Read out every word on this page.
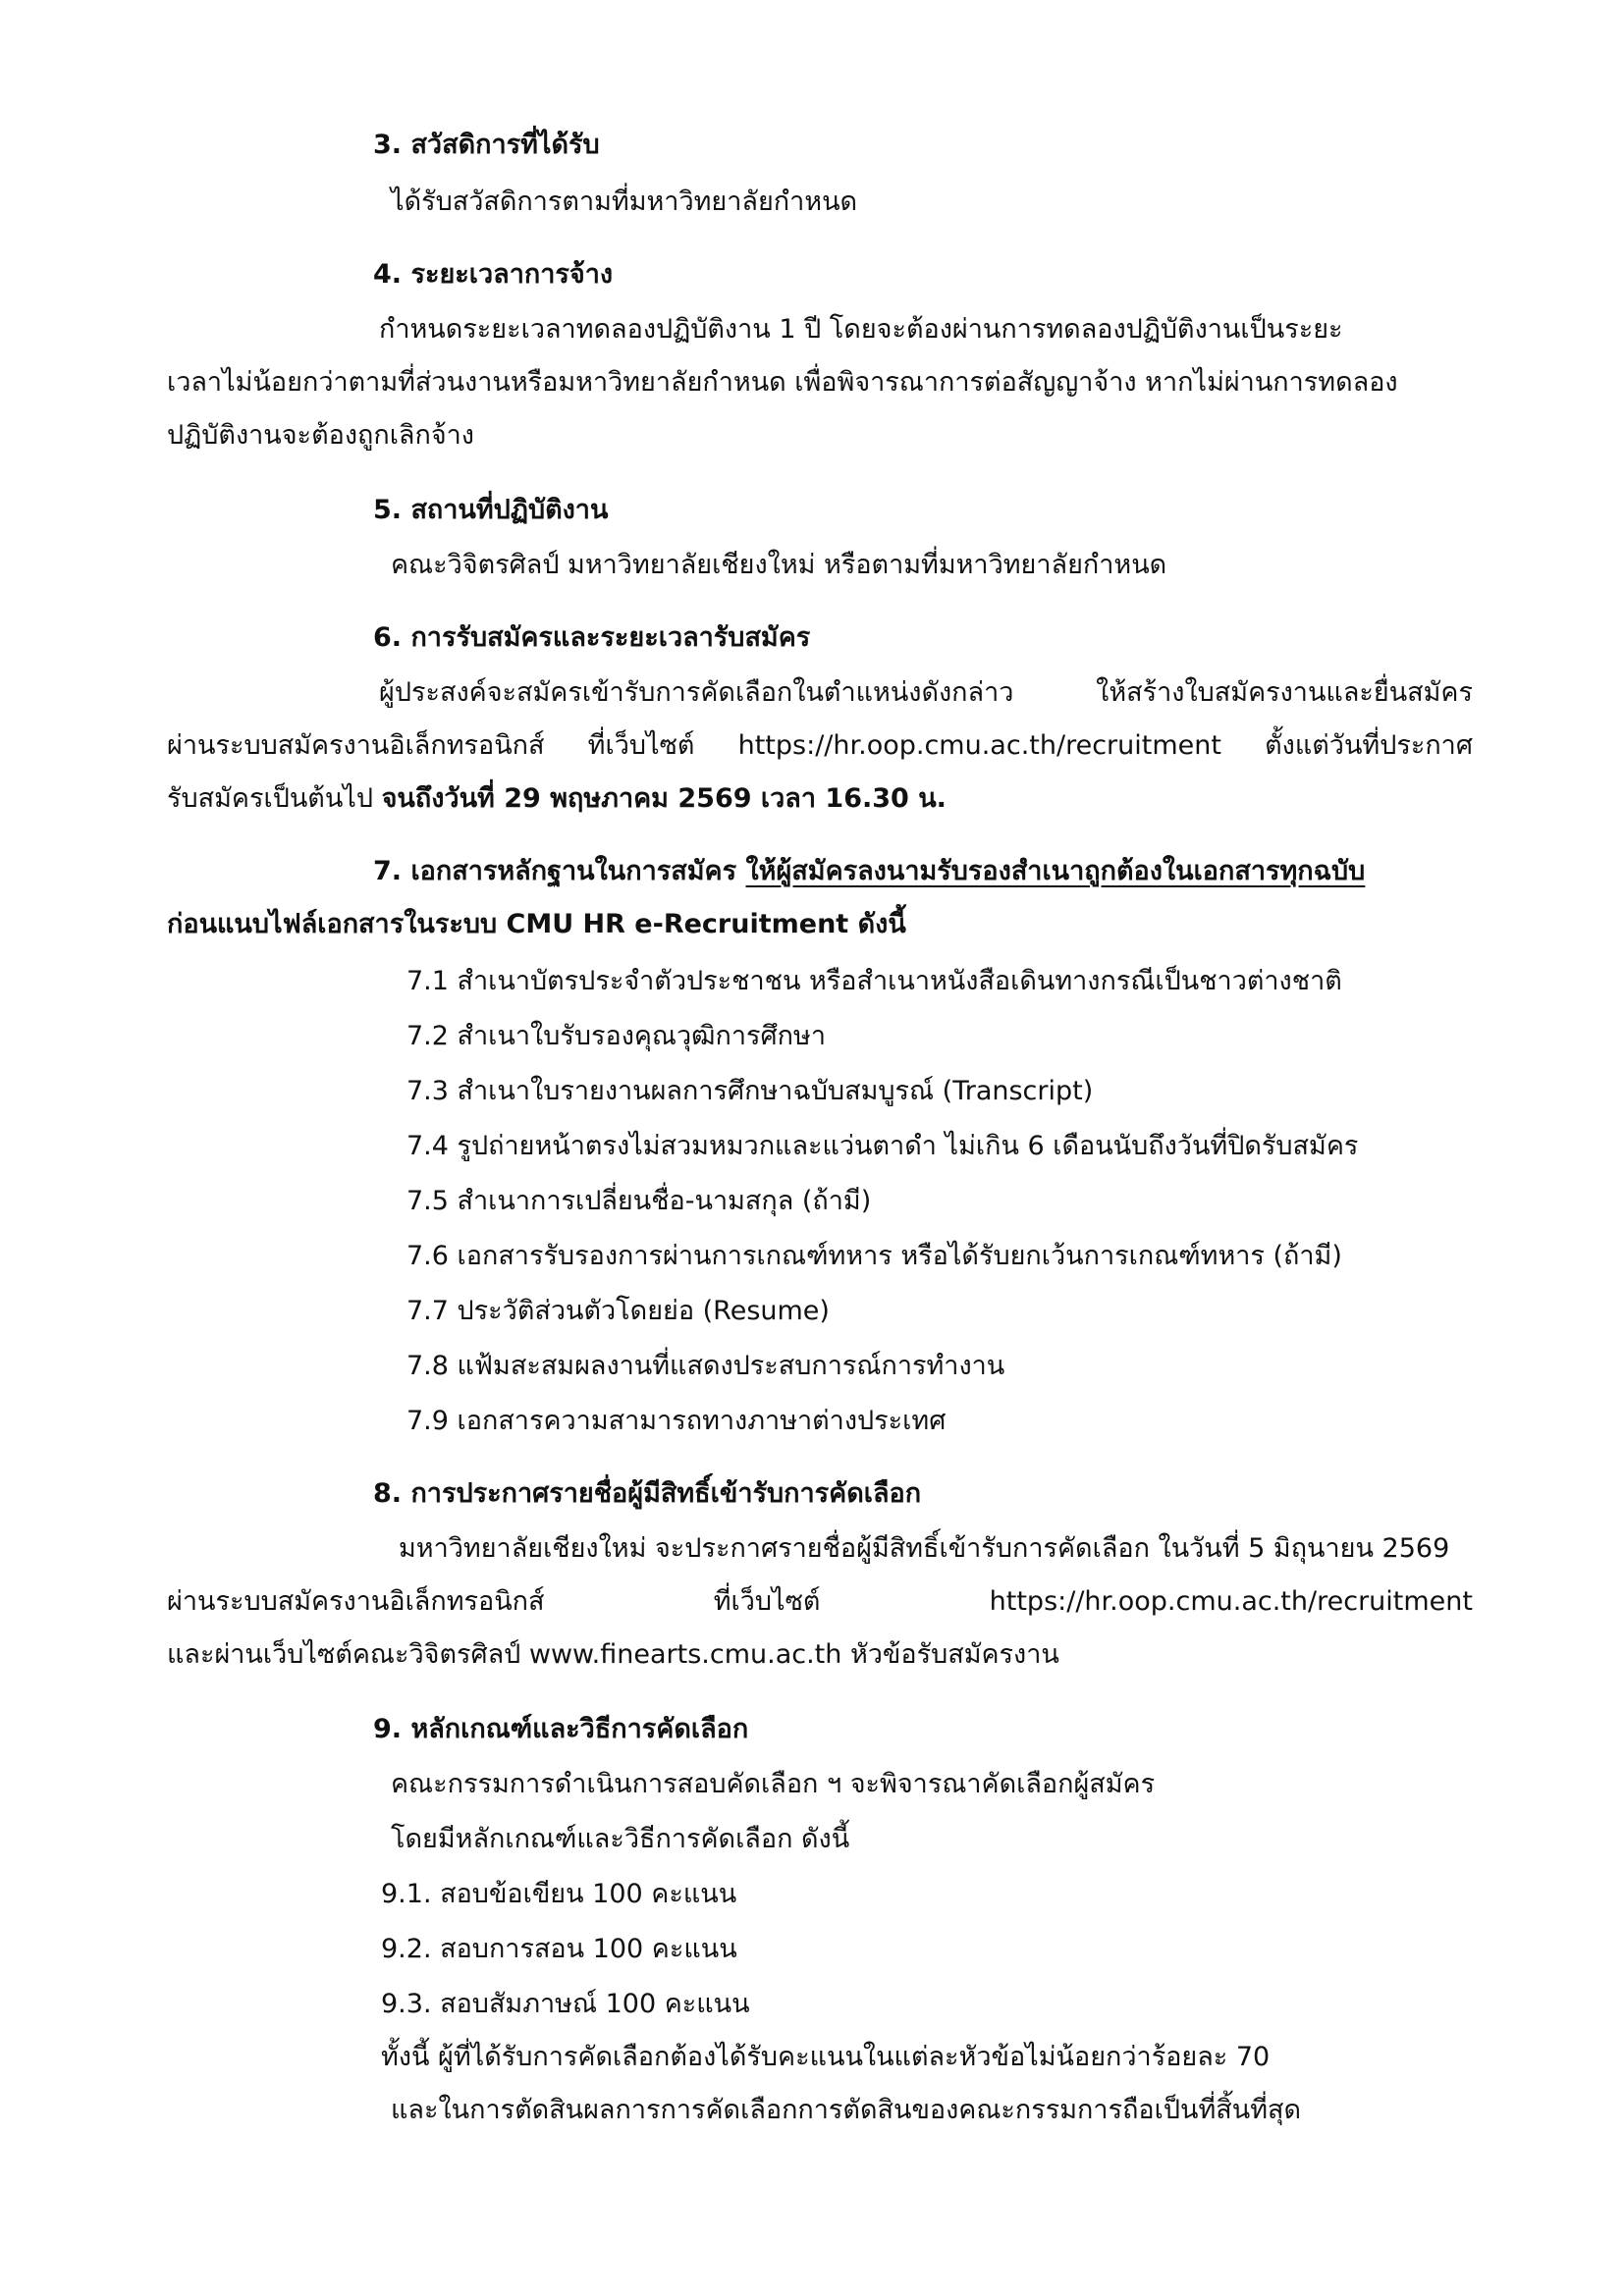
3. สวัสดิการที่ได้รับ
ได้รับสวัสดิการตามที่มหาวิทยาลัยกำหนด
4. ระยะเวลาการจ้าง
กำหนดระยะเวลาทดลองปฏิบัติงาน 1 ปี โดยจะต้องผ่านการทดลองปฏิบัติงานเป็นระยะ
เวลาไม่น้อยกว่าตามที่ส่วนงานหรือมหาวิทยาลัยกำหนด เพื่อพิจารณาการต่อสัญญาจ้าง หากไม่ผ่านการทดลอง
ปฏิบัติงานจะต้องถูกเลิกจ้าง
5. สถานที่ปฏิบัติงาน
คณะวิจิตรศิลป์ มหาวิทยาลัยเชียงใหม่ หรือตามที่มหาวิทยาลัยกำหนด
6. การรับสมัครและระยะเวลารับสมัคร
ผู้ประสงค์จะสมัครเข้ารับการคัดเลือกในตำแหน่งดังกล่าว	ให้สร้างใบสมัครงานและยื่นสมัคร
ผ่านระบบสมัครงานอิเล็กทรอนิกส์ ที่เว็บไซต์ https://hr.oop.cmu.ac.th/recruitment ตั้งแต่วันที่ประกาศ
รับสมัครเป็นต้นไป จนถึงวันที่ 29 พฤษภาคม 2569 เวลา 16.30 น.
7. เอกสารหลักฐานในการสมัคร ให้ผู้สมัครลงนามรับรองสำเนาถูกต้องในเอกสารทุกฉบับ
ก่อนแนบไฟล์เอกสารในระบบ CMU HR e-Recruitment ดังนี้
7.1 สำเนาบัตรประจำตัวประชาชน หรือสำเนาหนังสือเดินทางกรณีเป็นชาวต่างชาติ
7.2 สำเนาใบรับรองคุณวุฒิการศึกษา
7.3 สำเนาใบรายงานผลการศึกษาฉบับสมบูรณ์ (Transcript)
7.4 รูปถ่ายหน้าตรงไม่สวมหมวกและแว่นตาดำ ไม่เกิน 6 เดือนนับถึงวันที่ปิดรับสมัคร
7.5 สำเนาการเปลี่ยนชื่อ-นามสกุล (ถ้ามี)
7.6 เอกสารรับรองการผ่านการเกณฑ์ทหาร หรือได้รับยกเว้นการเกณฑ์ทหาร (ถ้ามี)
7.7 ประวัติส่วนตัวโดยย่อ (Resume)
7.8 แฟ้มสะสมผลงานที่แสดงประสบการณ์การทำงาน
7.9 เอกสารความสามารถทางภาษาต่างประเทศ
8. การประกาศรายชื่อผู้มีสิทธิ์เข้ารับการคัดเลือก
มหาวิทยาลัยเชียงใหม่ จะประกาศรายชื่อผู้มีสิทธิ์เข้ารับการคัดเลือก ในวันที่ 5 มิถุนายน 2569
ผ่านระบบสมัครงานอิเล็กทรอนิกส์	ที่เว็บไซต์	https://hr.oop.cmu.ac.th/recruitment
และผ่านเว็บไซต์คณะวิจิตรศิลป์ www.finearts.cmu.ac.th หัวข้อรับสมัครงาน
9. หลักเกณฑ์และวิธีการคัดเลือก
คณะกรรมการดำเนินการสอบคัดเลือก ฯ จะพิจารณาคัดเลือกผู้สมัคร
โดยมีหลักเกณฑ์และวิธีการคัดเลือก ดังนี้
9.1. สอบข้อเขียน 100 คะแนน
9.2. สอบการสอน 100 คะแนน
9.3. สอบสัมภาษณ์ 100 คะแนน
ทั้งนี้ ผู้ที่ได้รับการคัดเลือกต้องได้รับคะแนนในแต่ละหัวข้อไม่น้อยกว่าร้อยละ 70
และในการตัดสินผลการการคัดเลือกการตัดสินของคณะกรรมการถือเป็นที่สิ้นที่สุด
